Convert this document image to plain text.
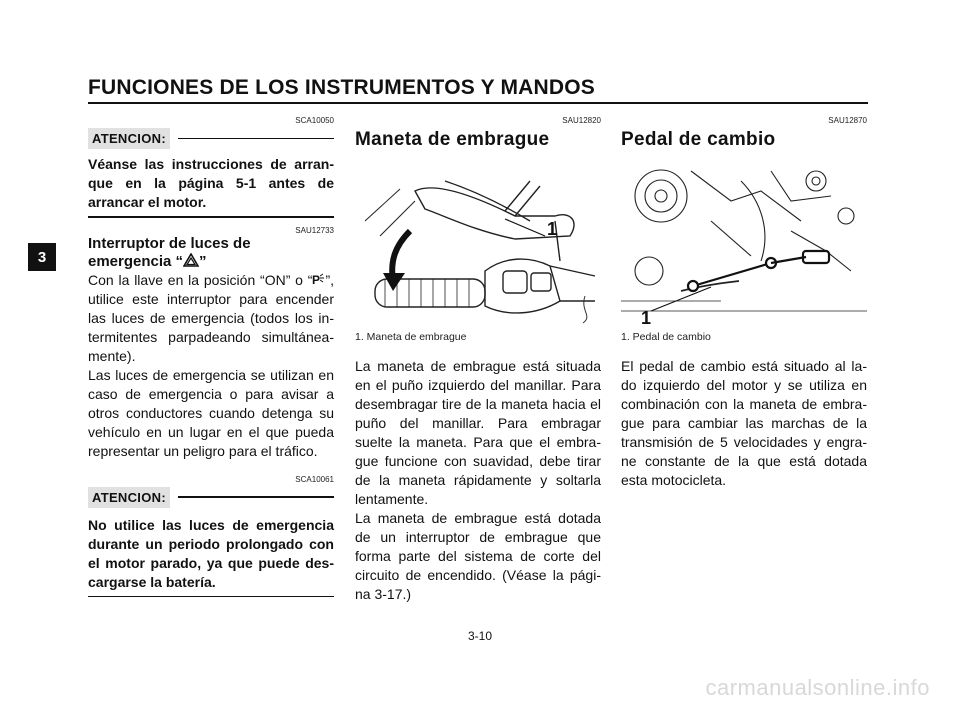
FUNCIONES DE LOS INSTRUMENTOS Y MANDOS
3
SCA10050
ATENCION:

Véanse las instrucciones de arran-que en la página 5-1 antes de arrancar el motor.

SAU12733
Interruptor de luces de
emergencia “ ”

Con la llave en la posición “ON” o “ P ”, utilice este interruptor para encender las luces de emergencia (todos los in-termitentes parpadeando simultánea-mente).

Las luces de emergencia se utilizan en caso de emergencia o para avisar a otros conductores cuando detenga su vehículo en un lugar en el que pueda representar un peligro para el tráfico.

SCA10061
ATENCION:

No utilice las luces de emergencia durante un periodo prolongado con el motor parado, ya que puede des-cargarse la batería.

SAU12820
Maneta de embrague
1
1. Maneta de embrague

La maneta de embrague está situada en el puño izquierdo del manillar. Para desembragar tire de la maneta hacia el puño del manillar. Para embragar suelte la maneta. Para que el embra-gue funcione con suavidad, debe tirar de la maneta rápidamente y soltarla lentamente.

La maneta de embrague está dotada de un interruptor de embrague que forma parte del sistema de corte del circuito de encendido. (Véase la pági-na 3-17.)

SAU12870
Pedal de cambio
1
1. Pedal de cambio

El pedal de cambio está situado al la-do izquierdo del motor y se utiliza en combinación con la maneta de embra-gue para cambiar las marchas de la transmisión de 5 velocidades y engra-ne constante de la que está dotada esta motocicleta.

3-10
carmanualsonline.info
